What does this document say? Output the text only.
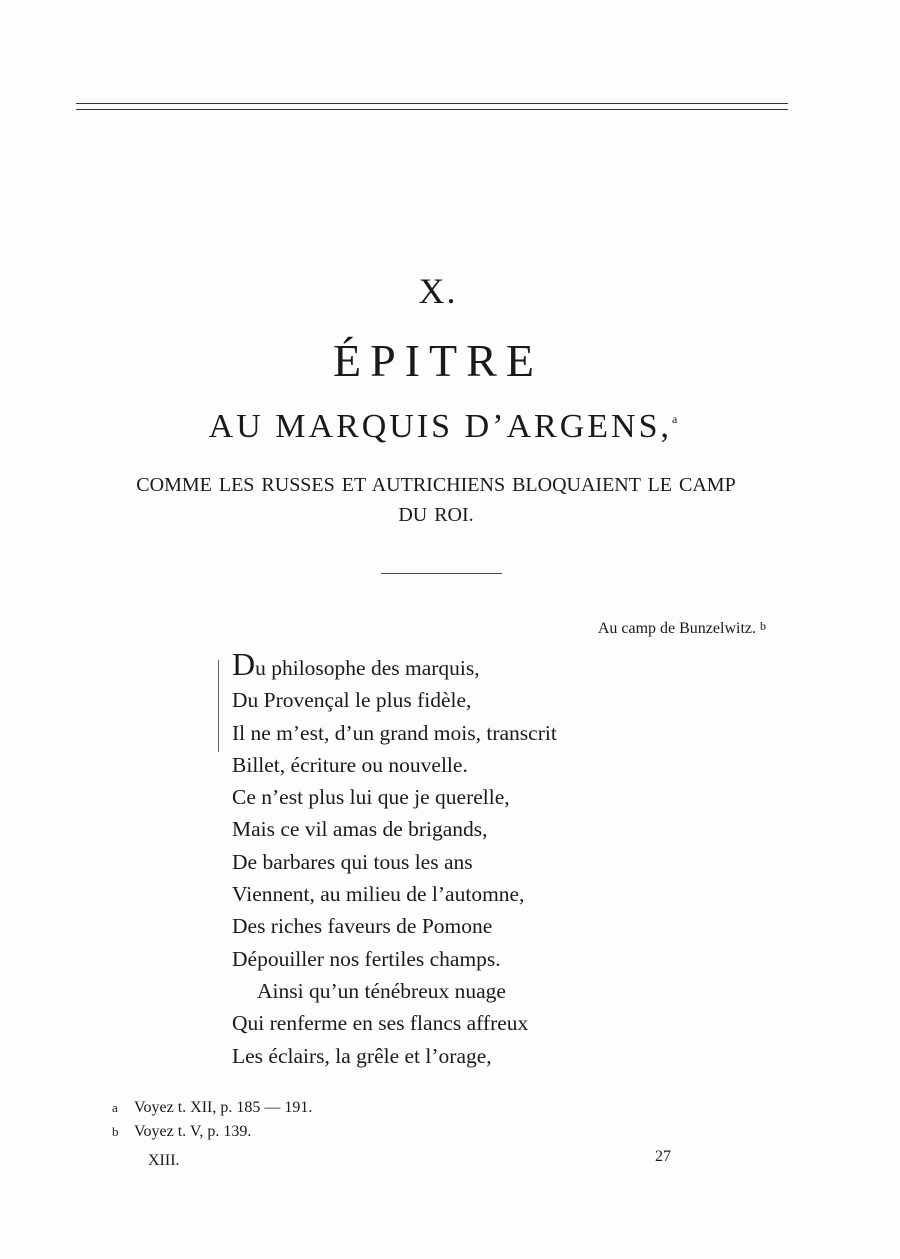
X.
ÉPITRE
AU MARQUIS D’ARGENS,$^a$
COMME LES RUSSES ET AUTRICHIENS BLOQUAIENT LE CAMP
DU ROI.
Au camp de Bunzelwitz. $^b$
Du philosophe des marquis,
Du Provençal le plus fidèle,
Il ne m’est, d’un grand mois, transcrit
Billet, écriture ou nouvelle.
Ce n’est plus lui que je querelle,
Mais ce vil amas de brigands,
De barbares qui tous les ans
Viennent, au milieu de l’automne,
Des riches faveurs de Pomone
Dépouiller nos fertiles champs.
Ainsi qu’un ténébreux nuage
Qui renferme en ses flancs affreux
Les éclairs, la grêle et l’orage,
a Voyez t. XII, p. 185 — 191.
b Voyez t. V, p. 139.
XIII.	27
